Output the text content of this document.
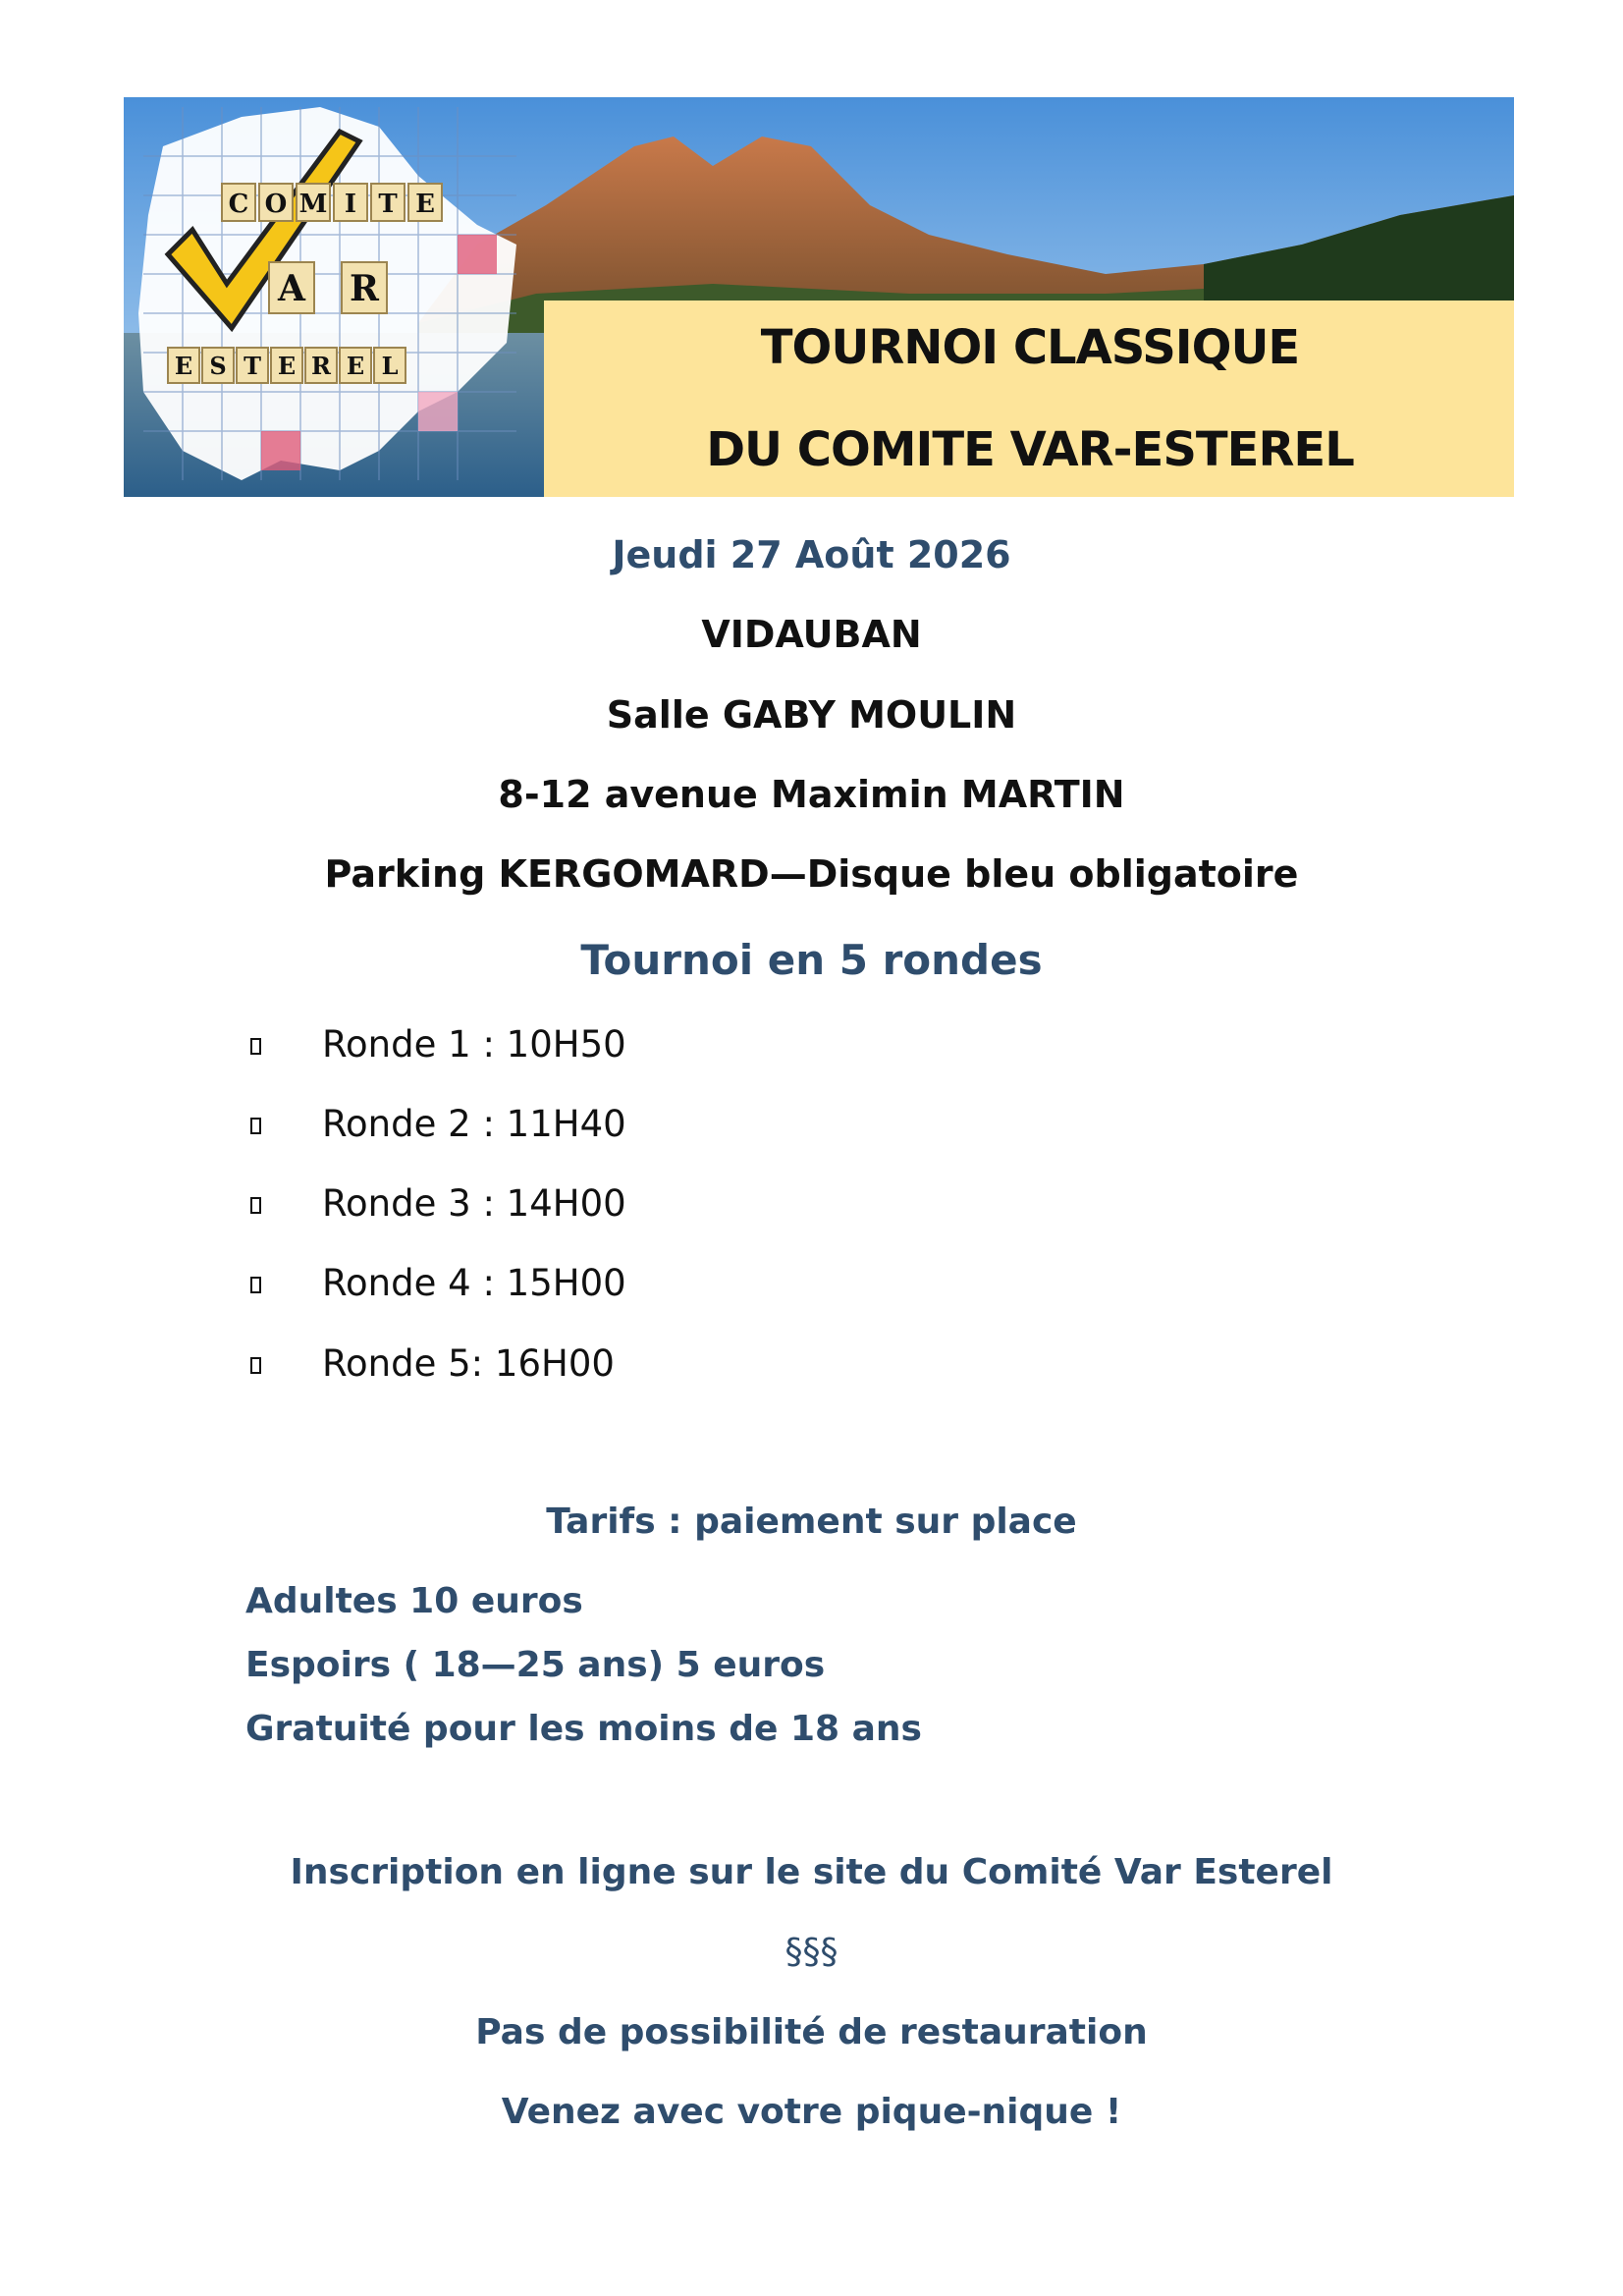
C O M I T E
A R
E S T E R E L	TOURNOI CLASSIQUE
DU COMITE VAR-ESTEREL
Jeudi 27 Août 2026
VIDAUBAN
Salle GABY MOULIN
8-12 avenue Maximin MARTIN
Parking KERGOMARD—Disque bleu obligatoire
Tournoi en 5 rondes
Ronde 1 : 10H50
Ronde 2 : 11H40
Ronde 3 : 14H00
Ronde 4 : 15H00
Ronde 5: 16H00
Tarifs : paiement sur place
Adultes 10 euros
Espoirs ( 18—25 ans) 5 euros
Gratuité pour les moins de 18 ans
Inscription en ligne sur le site du Comité Var Esterel
§§§
Pas de possibilité de restauration
Venez avec votre pique-nique !
